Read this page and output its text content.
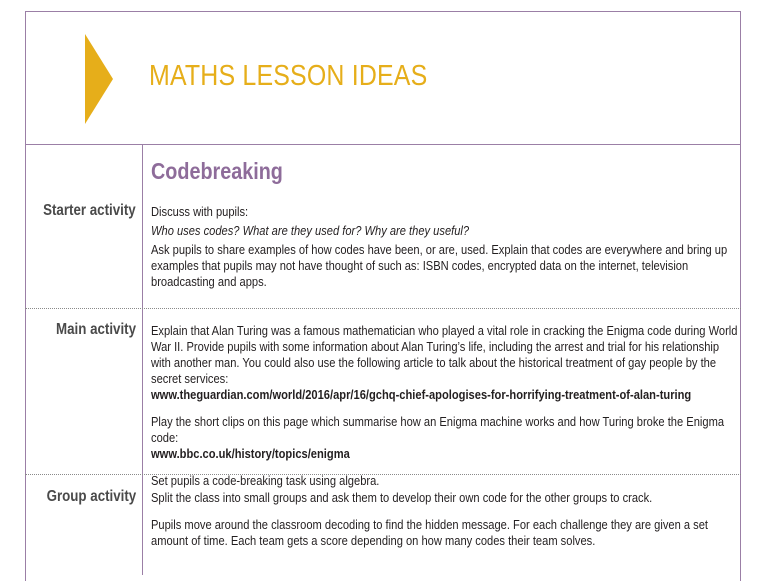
MATHS LESSON IDEAS
Codebreaking
Starter activity Discuss with pupils:

Who uses codes? What are they used for? Why are they useful?

Ask pupils to share examples of how codes have been, or are, used. Explain that codes are everywhere and bring up examples that pupils may not have thought of such as: ISBN codes, encrypted data on the internet, television broadcasting and apps.

Main activity Explain that Alan Turing was a famous mathematician who played a vital role in cracking the Enigma code during World War II. Provide pupils with some information about Alan Turing’s life, including the arrest and trial for his relationship with another man. You could also use the following article to talk about the historical treatment of gay people by the secret services:

www.theguardian.com/world/2016/apr/16/gchq-chief-apologises-for-horrifying-treatment-of-alan-turing

Play the short clips on this page which summarise how an Enigma machine works and how Turing broke the Enigma code:

www.bbc.co.uk/history/topics/enigma

Set pupils a code-breaking task using algebra.

Group activity Split the class into small groups and ask them to develop their own code for the other groups to crack.

Pupils move around the classroom decoding to find the hidden message. For each challenge they are given a set amount of time. Each team gets a score depending on how many codes their team solves.
